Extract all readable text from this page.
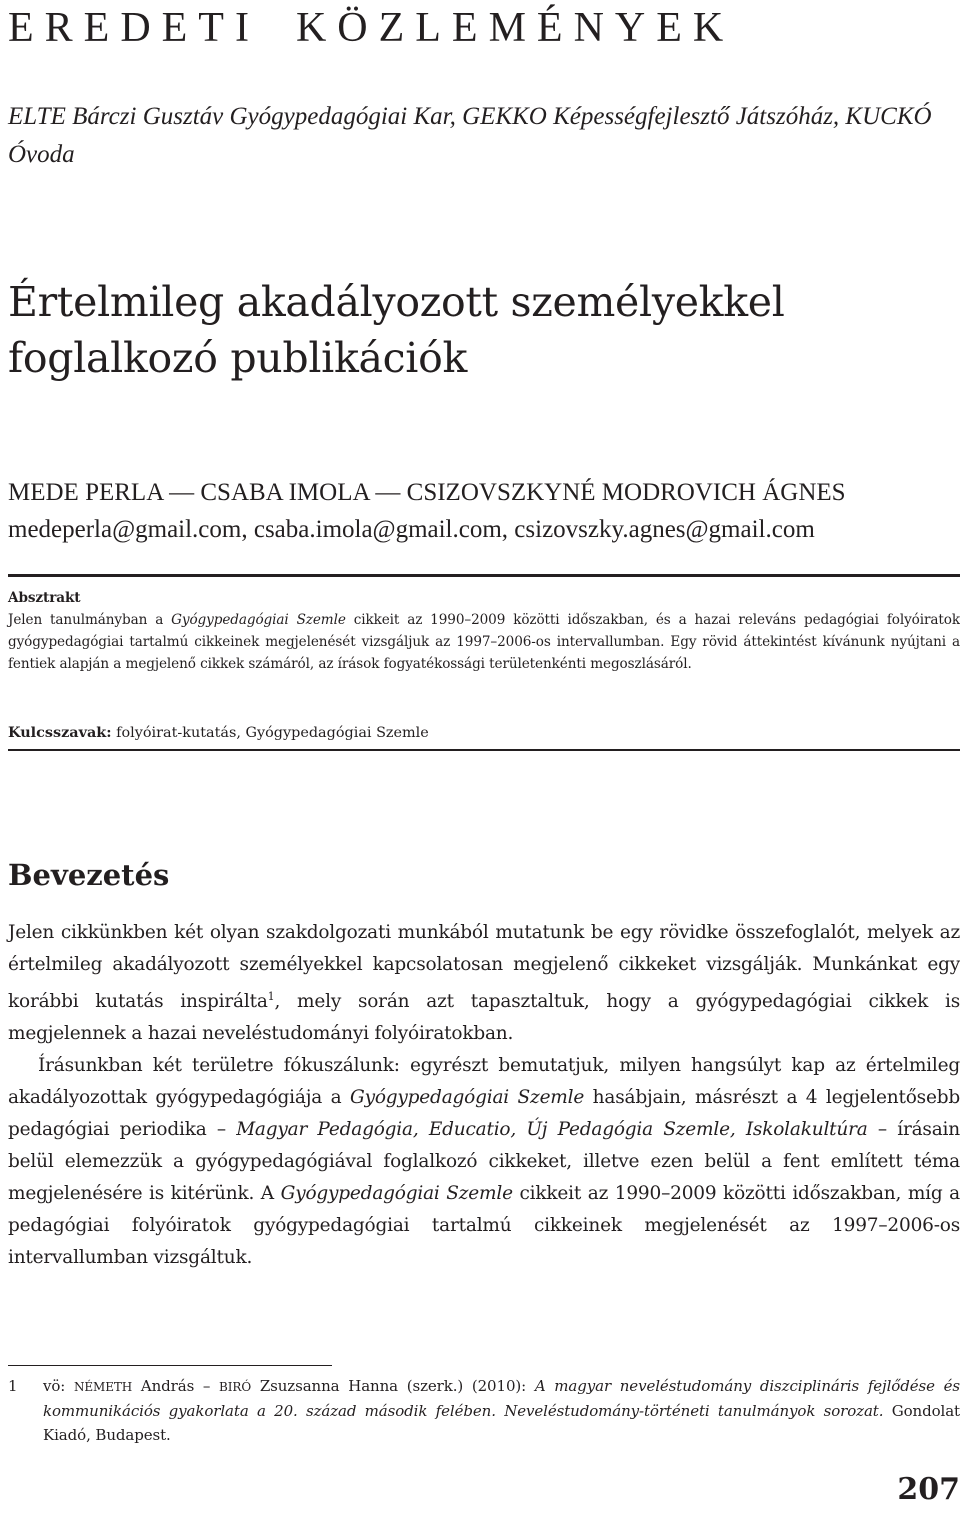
EREDETI KÖZLEMÉNYEK
ELTE Bárczi Gusztáv Gyógypedagógiai Kar, GEKKO Képességfejlesztő Játszóház, KUCKÓ Óvoda
Értelmileg akadályozott személyekkel
foglalkozó publikációk
MEDE PERLA — CSABA IMOLA — CSIZOVSZKYNÉ MODROVICH ÁGNES
medeperla@gmail.com, csaba.imola@gmail.com, csizovszky.agnes@gmail.com
Absztrakt
Jelen tanulmányban a Gyógypedagógiai Szemle cikkeit az 1990–2009 közötti időszakban, és a hazai releváns pedagógiai folyóiratok gyógypedagógiai tartalmú cikkeinek megjelenését vizsgáljuk az 1997–2006-os intervallumban. Egy rövid áttekintést kívánunk nyújtani a fentiek alapján a megjelenő cikkek számáról, az írások fogyatékossági területenkénti megoszlásáról.
Kulcsszavak: folyóirat-kutatás, Gyógypedagógiai Szemle
Bevezetés

Jelen cikkünkben két olyan szakdolgozati munkából mutatunk be egy rövidke összefoglalót, melyek az értelmileg akadályozott személyekkel kapcsolatosan megjelenő cikkeket vizsgálják. Munkánkat egy korábbi kutatás inspirálta$^1$, mely során azt tapasztaltuk, hogy a gyógypedagógiai cikkek is megjelennek a hazai neveléstudományi folyóiratokban.

Írásunkban két területre fókuszálunk: egyrészt bemutatjuk, milyen hangsúlyt kap az értelmileg akadályozottak gyógypedagógiája a Gyógypedagógiai Szemle hasábjain, másrészt a 4 legjelentősebb pedagógiai periodika – Magyar Pedagógia, Educatio, Új Pedagógia Szemle, Iskolakultúra – írásain belül elemezzük a gyógypedagógiával foglalkozó cikkeket, illetve ezen belül a fent említett téma megjelenésére is kitérünk. A Gyógypedagógiai Szemle cikkeit az 1990–2009 közötti időszakban, míg a pedagógiai folyóiratok gyógypedagógiai tartalmú cikkeinek megjelenését az 1997–2006-os intervallumban vizsgáltuk.

1 vö: NÉMETH András – BIRÓ Zsuzsanna Hanna (szerk.) (2010): A magyar neveléstudomány diszciplináris fejlődése és kommunikációs gyakorlata a 20. század második felében. Neveléstudomány-történeti tanulmányok sorozat. Gondolat Kiadó, Budapest.
207
